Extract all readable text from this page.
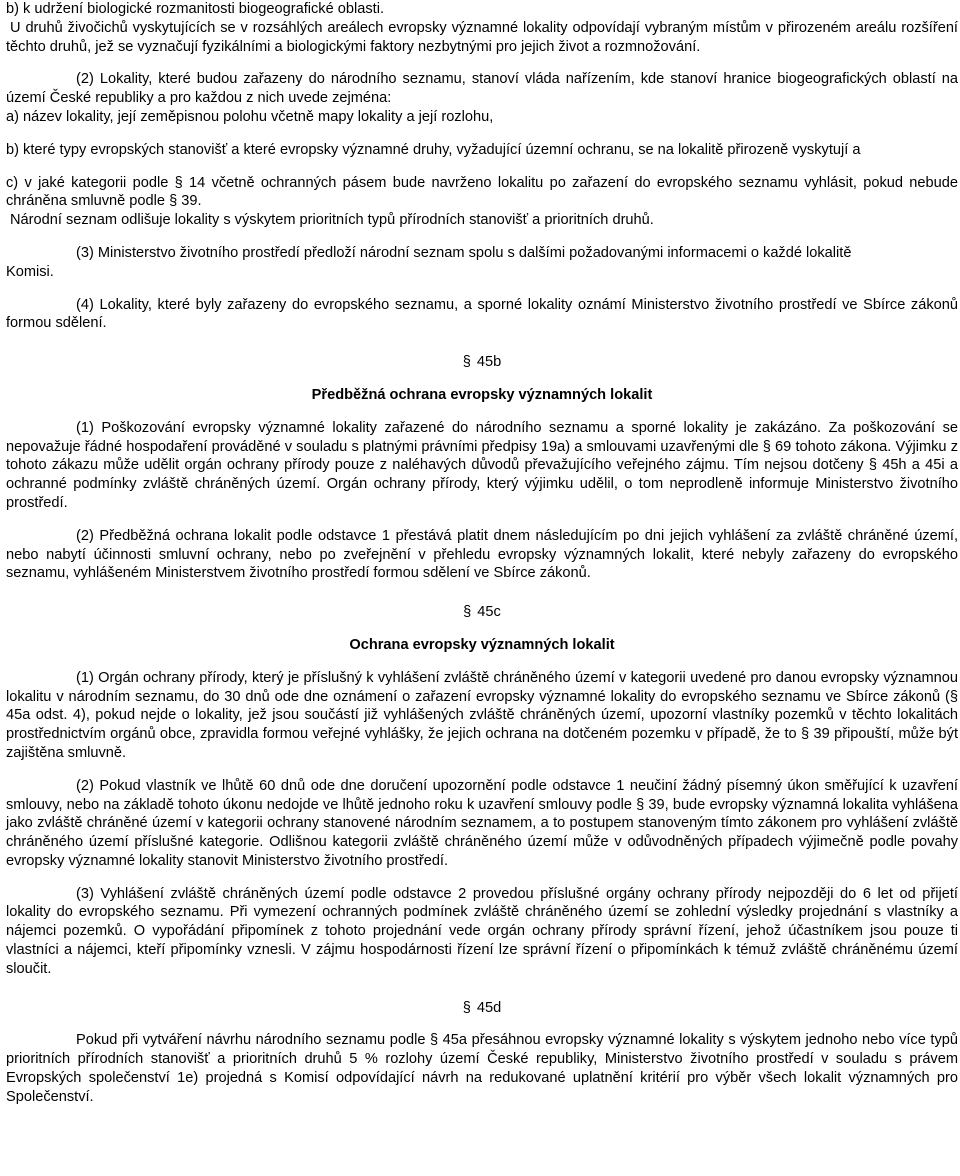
b) k udržení biologické rozmanitosti biogeografické oblasti.

U druhů živočichů vyskytujících se v rozsáhlých areálech evropsky významné lokality odpovídají vybraným místům v přirozeném areálu rozšíření těchto druhů, jež se vyznačují fyzikálními a biologickými faktory nezbytnými pro jejich život a rozmnožování.

(2) Lokality, které budou zařazeny do národního seznamu, stanoví vláda nařízením, kde stanoví hranice biogeografických oblastí na území České republiky a pro každou z nich uvede zejména:

a) název lokality, její zeměpisnou polohu včetně mapy lokality a její rozlohu,

b) které typy evropských stanovišť a které evropsky významné druhy, vyžadující územní ochranu, se na lokalitě přirozeně vyskytují a

c) v jaké kategorii podle § 14 včetně ochranných pásem bude navrženo lokalitu po zařazení do evropského seznamu vyhlásit, pokud nebude chráněna smluvně podle § 39.

Národní seznam odlišuje lokality s výskytem prioritních typů přírodních stanovišť a prioritních druhů.

Komisi.
(3) Ministerstvo životního prostředí předloží národní seznam spolu s dalšími požadovanými informacemi o každé lokalitě

(4) Lokality, které byly zařazeny do evropského seznamu, a sporné lokality oznámí Ministerstvo životního prostředí ve Sbírce zákonů formou sdělení.

§ 45b

Předběžná ochrana evropsky významných lokalit

(1) Poškozování evropsky významné lokality zařazené do národního seznamu a sporné lokality je zakázáno. Za poškozování se nepovažuje řádné hospodaření prováděné v souladu s platnými právními předpisy 19a) a smlouvami uzavřenými dle § 69 tohoto zákona. Výjimku z tohoto zákazu může udělit orgán ochrany přírody pouze z naléhavých důvodů převažujícího veřejného zájmu. Tím nejsou dotčeny § 45h a 45i a ochranné podmínky zvláště chráněných území. Orgán ochrany přírody, který výjimku udělil, o tom neprodleně informuje Ministerstvo životního prostředí.

(2) Předběžná ochrana lokalit podle odstavce 1 přestává platit dnem následujícím po dni jejich vyhlášení za zvláště chráněné území, nebo nabytí účinnosti smluvní ochrany, nebo po zveřejnění v přehledu evropsky významných lokalit, které nebyly zařazeny do evropského seznamu, vyhlášeném Ministerstvem životního prostředí formou sdělení ve Sbírce zákonů.

§ 45c

Ochrana evropsky významných lokalit

(1) Orgán ochrany přírody, který je příslušný k vyhlášení zvláště chráněného území v kategorii uvedené pro danou evropsky významnou lokalitu v národním seznamu, do 30 dnů ode dne oznámení o zařazení evropsky významné lokality do evropského seznamu ve Sbírce zákonů (§ 45a odst. 4), pokud nejde o lokality, jež jsou součástí již vyhlášených zvláště chráněných území, upozorní vlastníky pozemků v těchto lokalitách prostřednictvím orgánů obce, zpravidla formou veřejné vyhlášky, že jejich ochrana na dotčeném pozemku v případě, že to § 39 připouští, může být zajištěna smluvně.

(2) Pokud vlastník ve lhůtě 60 dnů ode dne doručení upozornění podle odstavce 1 neučiní žádný písemný úkon směřující k uzavření smlouvy, nebo na základě tohoto úkonu nedojde ve lhůtě jednoho roku k uzavření smlouvy podle § 39, bude evropsky významná lokalita vyhlášena jako zvláště chráněné území v kategorii ochrany stanovené národním seznamem, a to postupem stanoveným tímto zákonem pro vyhlášení zvláště chráněného území příslušné kategorie. Odlišnou kategorii zvláště chráněného území může v odůvodněných případech výjimečně podle povahy evropsky významné lokality stanovit Ministerstvo životního prostředí.

(3) Vyhlášení zvláště chráněných území podle odstavce 2 provedou příslušné orgány ochrany přírody nejpozději do 6 let od přijetí lokality do evropského seznamu. Při vymezení ochranných podmínek zvláště chráněného území se zohlední výsledky projednání s vlastníky a nájemci pozemků. O vypořádání připomínek z tohoto projednání vede orgán ochrany přírody správní řízení, jehož účastníkem jsou pouze ti vlastníci a nájemci, kteří připomínky vznesli. V zájmu hospodárnosti řízení lze správní řízení o připomínkách k témuž zvláště chráněnému území sloučit.

§ 45d

Pokud při vytváření návrhu národního seznamu podle § 45a přesáhnou evropsky významné lokality s výskytem jednoho nebo více typů prioritních přírodních stanovišť a prioritních druhů 5 % rozlohy území České republiky, Ministerstvo životního prostředí v souladu s právem Evropských společenství 1e) projedná s Komisí odpovídající návrh na redukované uplatnění kritérií pro výběr všech lokalit významných pro Společenství.
